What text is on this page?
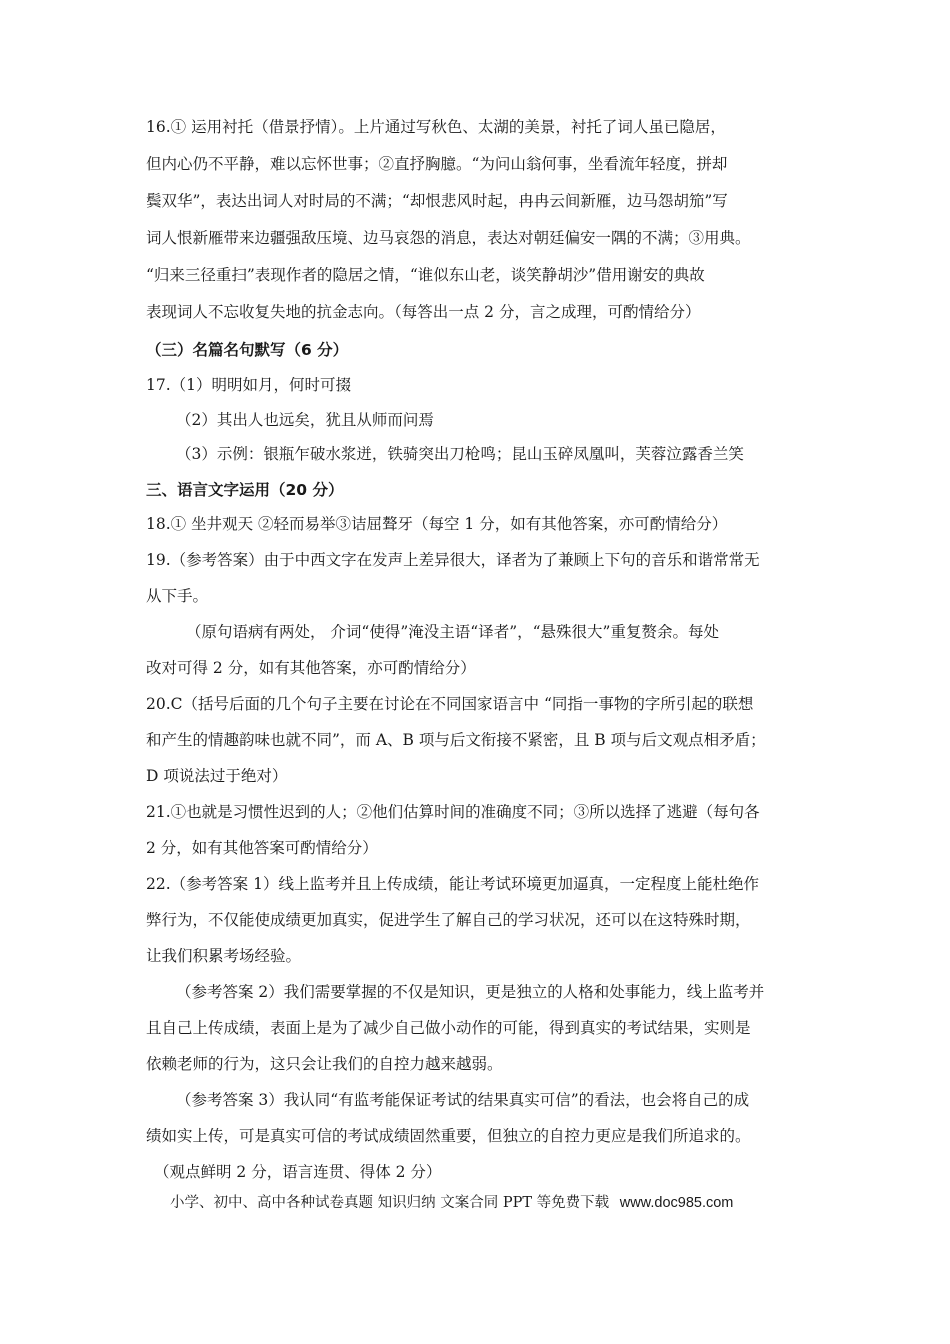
16.① 运用衬托（借景抒情）。上片通过写秋色、太湖的美景，衬托了词人虽已隐居，
但内心仍不平静，难以忘怀世事；②直抒胸臆。“为问山翁何事，坐看流年轻度，拼却
鬓双华”，表达出词人对时局的不满；“却恨悲风时起，冉冉云间新雁，边马怨胡笳”写
词人恨新雁带来边疆强敌压境、边马哀怨的消息，表达对朝廷偏安一隅的不满；③用典。
“归来三径重扫”表现作者的隐居之情，“谁似东山老，谈笑静胡沙”借用谢安的典故
表现词人不忘收复失地的抗金志向。（每答出一点 2 分，言之成理，可酌情给分）
（三）名篇名句默写（6 分）
17.（1）明明如月，何时可掇
（2）其出人也远矣，犹且从师而问焉
（3）示例：银瓶乍破水浆迸，铁骑突出刀枪鸣；昆山玉碎凤凰叫，芙蓉泣露香兰笑
三、语言文字运用（20 分）
18.① 坐井观天 ②轻而易举③诘屈聱牙（每空 1 分，如有其他答案，亦可酌情给分）
19.（参考答案）由于中西文字在发声上差异很大，译者为了兼顾上下句的音乐和谐常常无
从下手。
（原句语病有两处， 介词“使得”淹没主语“译者”，“悬殊很大”重复赘余。每处
改对可得 2 分，如有其他答案，亦可酌情给分）
20.C（括号后面的几个句子主要在讨论在不同国家语言中 “同指一事物的字所引起的联想
和产生的情趣韵味也就不同”，而 A、B 项与后文衔接不紧密，且 B 项与后文观点相矛盾；
D 项说法过于绝对）
21.①也就是习惯性迟到的人；②他们估算时间的准确度不同；③所以选择了逃避（每句各
2 分，如有其他答案可酌情给分）
22.（参考答案 1）线上监考并且上传成绩，能让考试环境更加逼真，一定程度上能杜绝作
弊行为，不仅能使成绩更加真实，促进学生了解自己的学习状况，还可以在这特殊时期，
让我们积累考场经验。
（参考答案 2）我们需要掌握的不仅是知识，更是独立的人格和处事能力，线上监考并
且自己上传成绩，表面上是为了减少自己做小动作的可能，得到真实的考试结果，实则是
依赖老师的行为，这只会让我们的自控力越来越弱。
（参考答案 3）我认同“有监考能保证考试的结果真实可信”的看法，也会将自己的成
绩如实上传，可是真实可信的考试成绩固然重要，但独立的自控力更应是我们所追求的。
（观点鲜明 2 分，语言连贯、得体 2 分）
小学、初中、高中各种试卷真题 知识归纳 文案合同 PPT 等免费下载 www.doc985.com
